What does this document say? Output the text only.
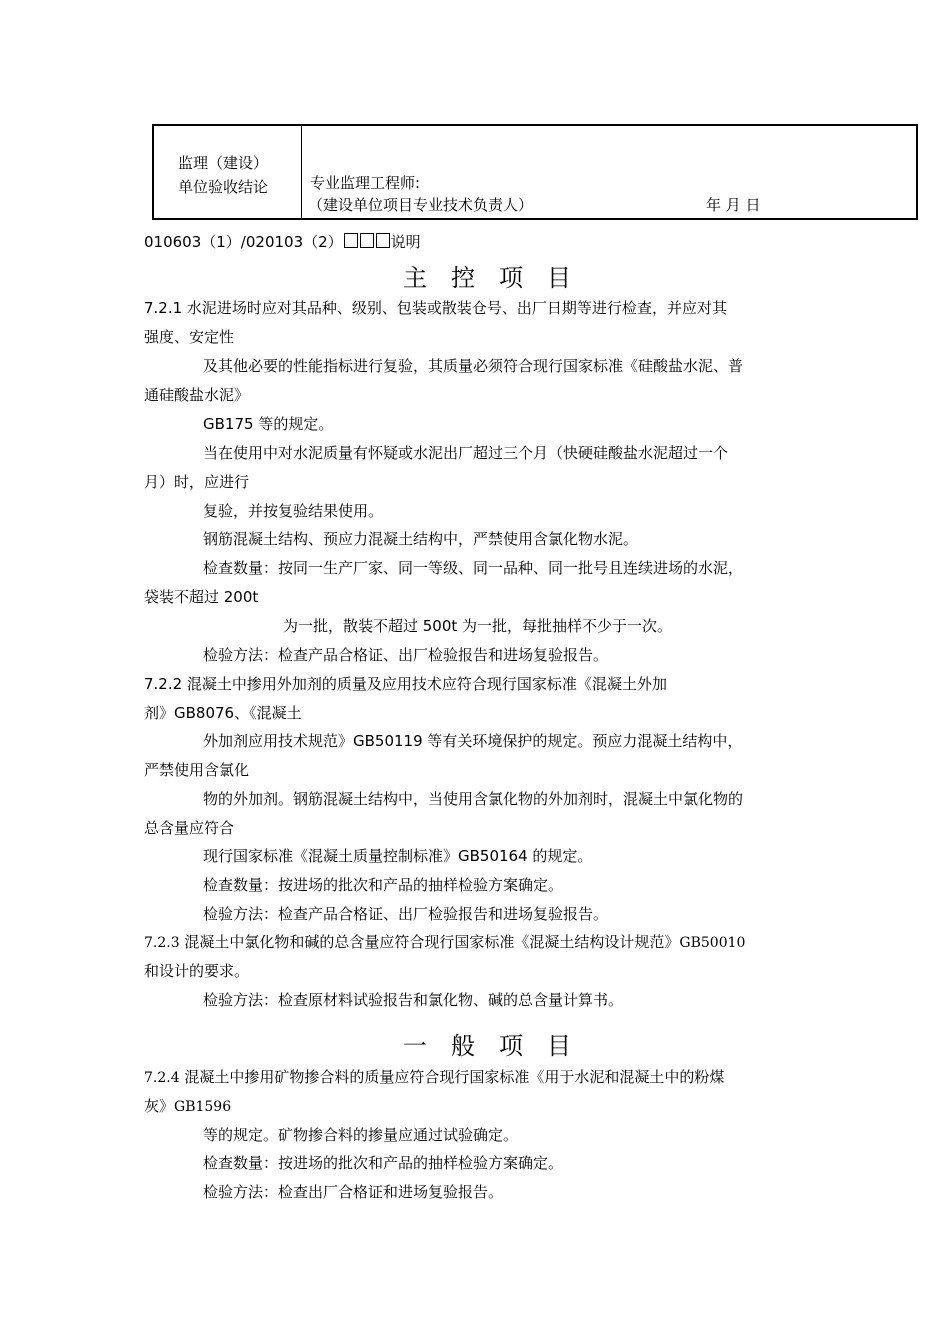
监理（建设）
单位验收结论	专业监理工程师:
（建设单位项目专业技术负责人）	年 月 日
010603（1）/020103（2）	说明
主控项目
7.2.1 水泥进场时应对其品种、级别、包装或散装仓号、出厂日期等进行检查，并应对其
强度、安定性
及其他必要的性能指标进行复验，其质量必须符合现行国家标准《硅酸盐水泥、普
通硅酸盐水泥》
GB175 等的规定。
当在使用中对水泥质量有怀疑或水泥出厂超过三个月（快硬硅酸盐水泥超过一个
月）时，应进行
复验，并按复验结果使用。
钢筋混凝土结构、预应力混凝土结构中，严禁使用含氯化物水泥。
检查数量：按同一生产厂家、同一等级、同一品种、同一批号且连续进场的水泥，
袋装不超过 200t
为一批，散装不超过 500t 为一批，每批抽样不少于一次。
检验方法：检查产品合格证、出厂检验报告和进场复验报告。
7.2.2 混凝土中掺用外加剂的质量及应用技术应符合现行国家标准《混凝土外加
剂》GB8076、《混凝土
外加剂应用技术规范》GB50119 等有关环境保护的规定。预应力混凝土结构中，
严禁使用含氯化
物的外加剂。钢筋混凝土结构中，当使用含氯化物的外加剂时，混凝土中氯化物的
总含量应符合
现行国家标准《混凝土质量控制标准》GB50164 的规定。
检查数量：按进场的批次和产品的抽样检验方案确定。
检验方法：检查产品合格证、出厂检验报告和进场复验报告。
7.2.3 混凝土中氯化物和碱的总含量应符合现行国家标准《混凝土结构设计规范》GB50010
和设计的要求。
检验方法：检查原材料试验报告和氯化物、碱的总含量计算书。
一般项目
7.2.4 混凝土中掺用矿物掺合料的质量应符合现行国家标准《用于水泥和混凝土中的粉煤
灰》GB1596
等的规定。矿物掺合料的掺量应通过试验确定。
检查数量：按进场的批次和产品的抽样检验方案确定。
检验方法：检查出厂合格证和进场复验报告。
